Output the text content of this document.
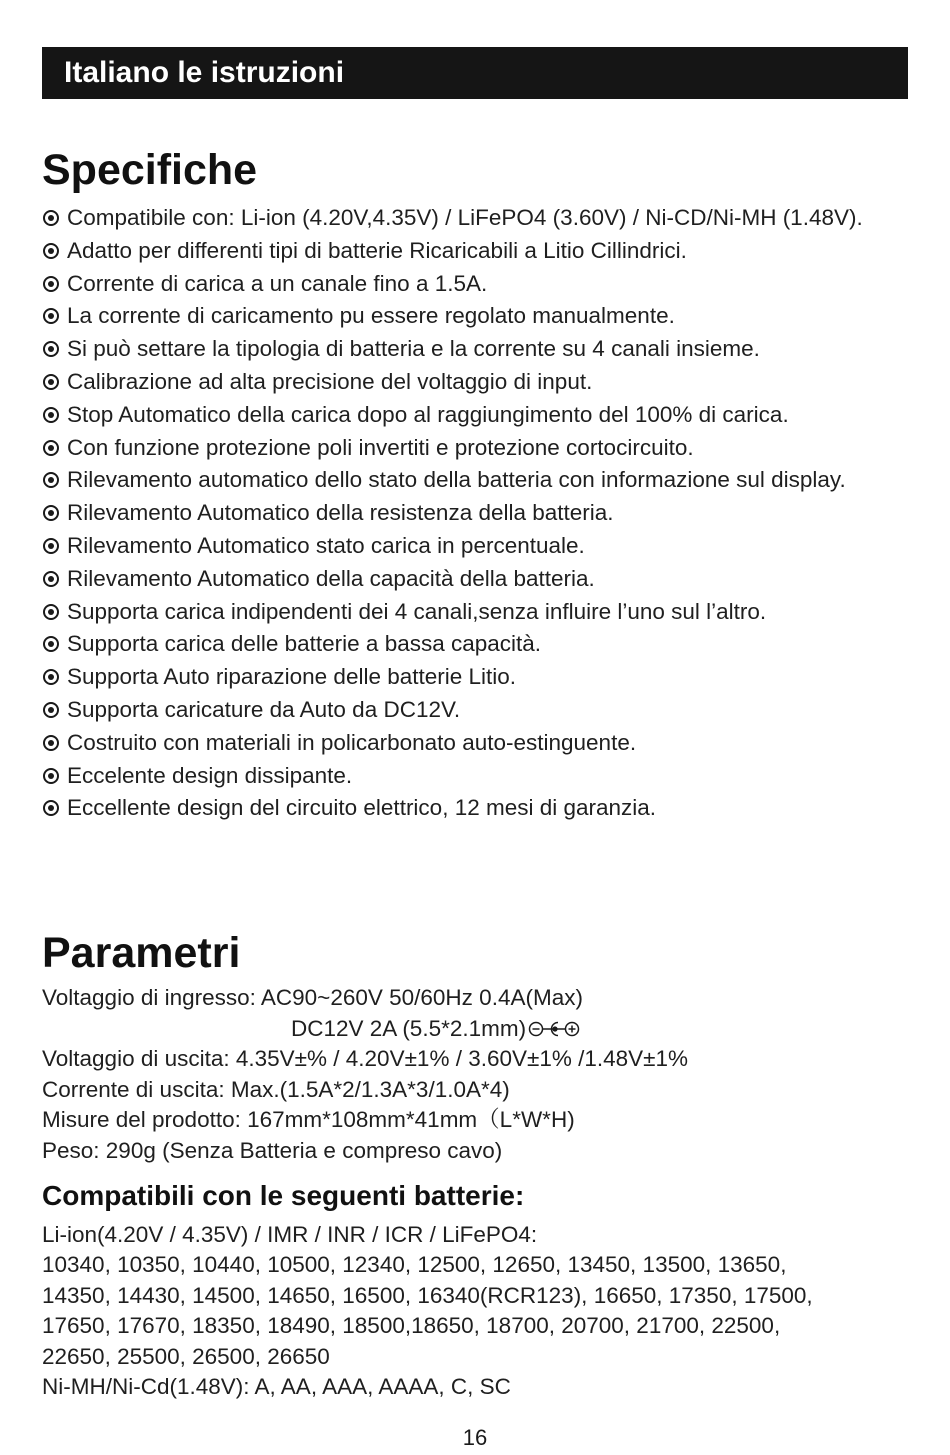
Italiano le istruzioni
Specifiche
Compatibile con: Li-ion (4.20V,4.35V) / LiFePO4 (3.60V) / Ni-CD/Ni-MH (1.48V).
Adatto per differenti tipi di batterie Ricaricabili a Litio Cillindrici.
Corrente di carica a un canale fino a 1.5A.
La corrente di caricamento pu essere regolato manualmente.
Si può settare la tipologia di batteria e la corrente su 4 canali insieme.
Calibrazione ad alta precisione del voltaggio di input.
Stop Automatico della carica dopo al raggiungimento del 100% di carica.
Con funzione protezione poli invertiti e protezione cortocircuito.
Rilevamento automatico dello stato della batteria con informazione sul display.
Rilevamento Automatico della resistenza della batteria.
Rilevamento Automatico stato carica in percentuale.
Rilevamento Automatico della capacità della batteria.
Supporta carica indipendenti dei 4 canali,senza influire l’uno sul l’altro.
Supporta carica delle batterie a bassa capacità.
Supporta Auto riparazione delle batterie Litio.
Supporta caricature da Auto da DC12V.
Costruito con materiali in policarbonato auto-estinguente.
Eccelente design dissipante.
Eccellente design del circuito elettrico, 12 mesi di garanzia.
Parametri
Voltaggio di ingresso: AC90~260V 50/60Hz 0.4A(Max)
DC12V 2A (5.5*2.1mm)
Voltaggio di uscita: 4.35V±% / 4.20V±1% / 3.60V±1% /1.48V±1%
Corrente di uscita: Max.(1.5A*2/1.3A*3/1.0A*4)
Misure del prodotto: 167mm*108mm*41mm（L*W*H)
Peso: 290g (Senza Batteria e compreso cavo)
Compatibili con le seguenti batterie:
Li-ion(4.20V / 4.35V) / IMR / INR / ICR / LiFePO4:
10340, 10350, 10440, 10500, 12340, 12500, 12650, 13450, 13500, 13650,
14350, 14430, 14500, 14650, 16500, 16340(RCR123), 16650, 17350, 17500,
17650, 17670, 18350, 18490, 18500,18650, 18700, 20700, 21700, 22500,
22650, 25500, 26500, 26650
Ni-MH/Ni-Cd(1.48V): A, AA, AAA, AAAA, C, SC
16
